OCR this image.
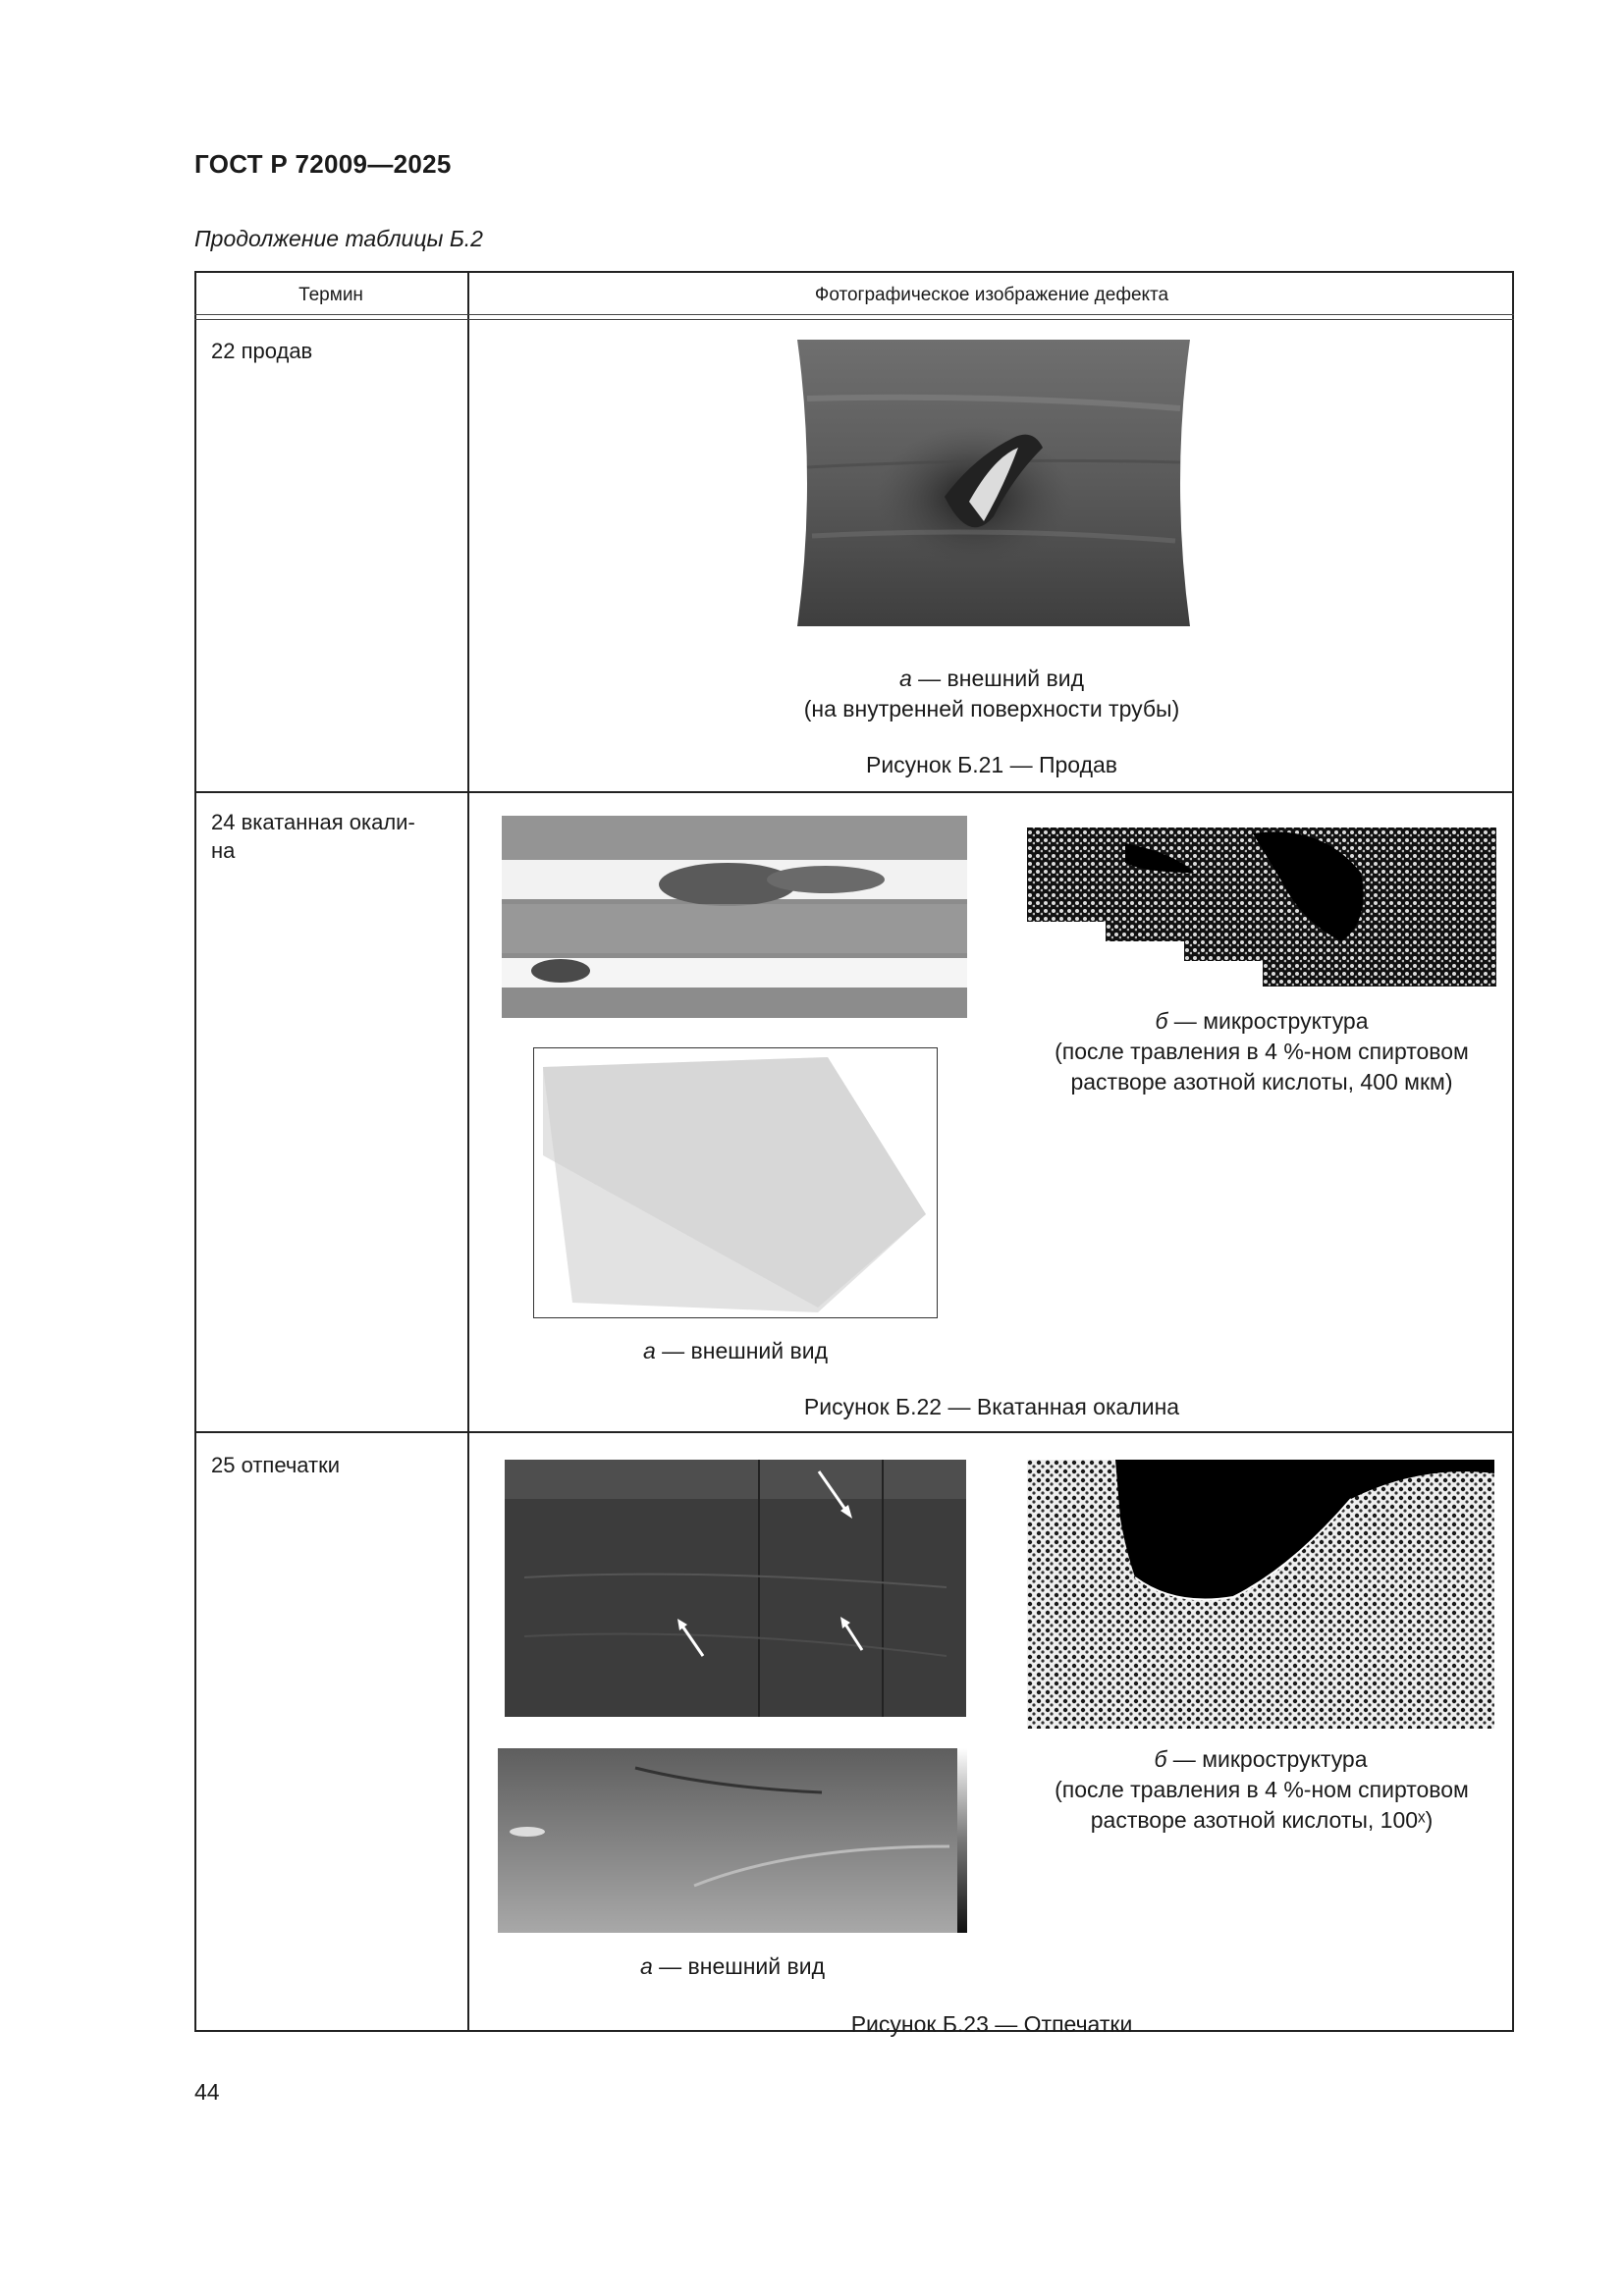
ГОСТ Р 72009—2025
Продолжение таблицы Б.2
Термин	Фотографическое изображение дефекта
22 продав
а — внешний вид
(на внутренней поверхности трубы)
Рисунок Б.21 — Продав
24 вкатанная окали-
на
б — микроструктура
(после травления в 4 %-ном спиртовом
растворе азотной кислоты, 400 мкм)
а — внешний вид
Рисунок Б.22 — Вкатанная окалина
25 отпечатки
б — микроструктура
(после травления в 4 %-ном спиртовом
растворе азотной кислоты, 100ˣ)
а — внешний вид
Рисунок Б.23 — Отпечатки
44
